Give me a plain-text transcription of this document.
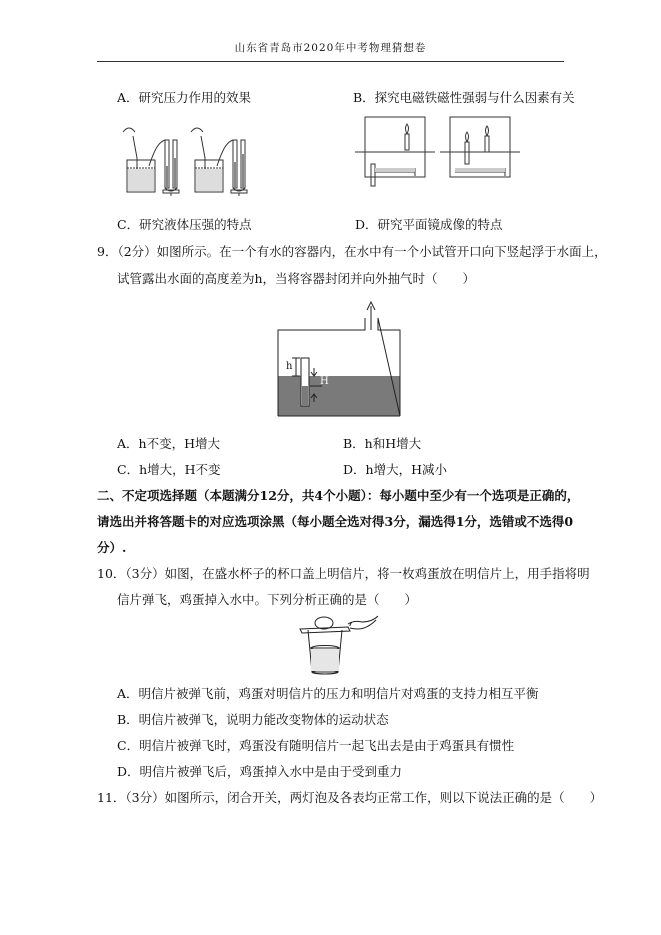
山东省青岛市2020年中考物理猜想卷
A．研究压力作用的效果	B．探究电磁铁磁性强弱与什么因素有关
C．研究液体压强的特点	D．研究平面镜成像的特点
9．（2分）如图所示。在一个有水的容器内，在水中有一个小试管开口向下竖起浮于水面上，
试管露出水面的高度差为h，当将容器封闭并向外抽气时（　　）
h
H
A．h不变，H增大	B．h和H增大
C．h增大，H不变	D．h增大，H减小
二、不定项选择题（本题满分12分，共4个小题）：每小题中至少有一个选项是正确的，
请选出并将答题卡的对应选项涂黑（每小题全选对得3分，漏选得1分，选错或不选得0
分）.
10．（3分）如图，在盛水杯子的杯口盖上明信片，将一枚鸡蛋放在明信片上，用手指将明
信片弹飞，鸡蛋掉入水中。下列分析正确的是（　　）
A．明信片被弹飞前，鸡蛋对明信片的压力和明信片对鸡蛋的支持力相互平衡
B．明信片被弹飞，说明力能改变物体的运动状态
C．明信片被弹飞时，鸡蛋没有随明信片一起飞出去是由于鸡蛋具有惯性
D．明信片被弹飞后，鸡蛋掉入水中是由于受到重力
11．（3分）如图所示，闭合开关，两灯泡及各表均正常工作，则以下说法正确的是（　　）
